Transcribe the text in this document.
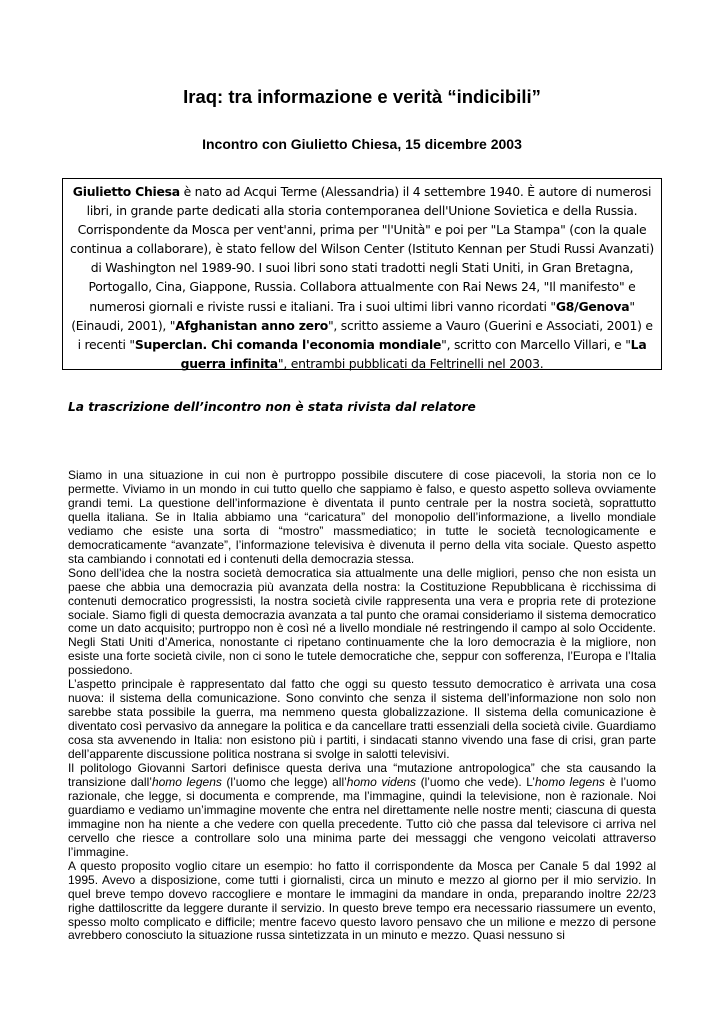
Iraq: tra informazione e verità “indicibili”
Incontro con Giulietto Chiesa, 15 dicembre 2003
Giulietto Chiesa è nato ad Acqui Terme (Alessandria) il 4 settembre 1940. È autore di numerosi libri, in grande parte dedicati alla storia contemporanea dell'Unione Sovietica e della Russia. Corrispondente da Mosca per vent'anni, prima per "l'Unità" e poi per "La Stampa" (con la quale continua a collaborare), è stato fellow del Wilson Center (Istituto Kennan per Studi Russi Avanzati) di Washington nel 1989-90. I suoi libri sono stati tradotti negli Stati Uniti, in Gran Bretagna, Portogallo, Cina, Giappone, Russia. Collabora attualmente con Rai News 24, "Il manifesto" e numerosi giornali e riviste russi e italiani. Tra i suoi ultimi libri vanno ricordati "G8/Genova" (Einaudi, 2001), "Afghanistan anno zero", scritto assieme a Vauro (Guerini e Associati, 2001) e i recenti "Superclan. Chi comanda l'economia mondiale", scritto con Marcello Villari, e "La guerra infinita", entrambi pubblicati da Feltrinelli nel 2003.
La trascrizione dell’incontro non è stata rivista dal relatore

Siamo in una situazione in cui non è purtroppo possibile discutere di cose piacevoli, la storia non ce lo permette. Viviamo in un mondo in cui tutto quello che sappiamo è falso, e questo aspetto solleva ovviamente grandi temi. La questione dell’informazione è diventata il punto centrale per la nostra società, soprattutto quella italiana. Se in Italia abbiamo una “caricatura” del monopolio dell’informazione, a livello mondiale vediamo che esiste una sorta di “mostro” massmediatico; in tutte le società tecnologicamente e democraticamente “avanzate”, l’informazione televisiva è divenuta il perno della vita sociale. Questo aspetto sta cambiando i connotati ed i contenuti della democrazia stessa.

Sono dell’idea che la nostra società democratica sia attualmente una delle migliori, penso che non esista un paese che abbia una democrazia più avanzata della nostra: la Costituzione Repubblicana è ricchissima di contenuti democratico progressisti, la nostra società civile rappresenta una vera e propria rete di protezione sociale. Siamo figli di questa democrazia avanzata a tal punto che oramai consideriamo il sistema democratico come un dato acquisito; purtroppo non è così né a livello mondiale né restringendo il campo al solo Occidente. Negli Stati Uniti d’America, nonostante ci ripetano continuamente che la loro democrazia è la migliore, non esiste una forte società civile, non ci sono le tutele democratiche che, seppur con sofferenza, l’Europa e l’Italia possiedono.

L’aspetto principale è rappresentato dal fatto che oggi su questo tessuto democratico è arrivata una cosa nuova: il sistema della comunicazione. Sono convinto che senza il sistema dell’informazione non solo non sarebbe stata possibile la guerra, ma nemmeno questa globalizzazione. Il sistema della comunicazione è diventato così pervasivo da annegare la politica e da cancellare tratti essenziali della società civile. Guardiamo cosa sta avvenendo in Italia: non esistono più i partiti, i sindacati stanno vivendo una fase di crisi, gran parte dell’apparente discussione politica nostrana si svolge in salotti televisivi.

Il politologo Giovanni Sartori definisce questa deriva una “mutazione antropologica” che sta causando la transizione dall’homo legens (l’uomo che legge) all’homo videns (l’uomo che vede). L’homo legens è l’uomo razionale, che legge, si documenta e comprende, ma l’immagine, quindi la televisione, non è razionale. Noi guardiamo e vediamo un’immagine movente che entra nel direttamente nelle nostre menti; ciascuna di questa immagine non ha niente a che vedere con quella precedente. Tutto ciò che passa dal televisore ci arriva nel cervello che riesce a controllare solo una minima parte dei messaggi che vengono veicolati attraverso l’immagine.

A questo proposito voglio citare un esempio: ho fatto il corrispondente da Mosca per Canale 5 dal 1992 al 1995. Avevo a disposizione, come tutti i giornalisti, circa un minuto e mezzo al giorno per il mio servizio. In quel breve tempo dovevo raccogliere e montare le immagini da mandare in onda, preparando inoltre 22/23 righe dattiloscritte da leggere durante il servizio. In questo breve tempo era necessario riassumere un evento, spesso molto complicato e difficile; mentre facevo questo lavoro pensavo che un milione e mezzo di persone avrebbero conosciuto la situazione russa sintetizzata in un minuto e mezzo. Quasi nessuno si
